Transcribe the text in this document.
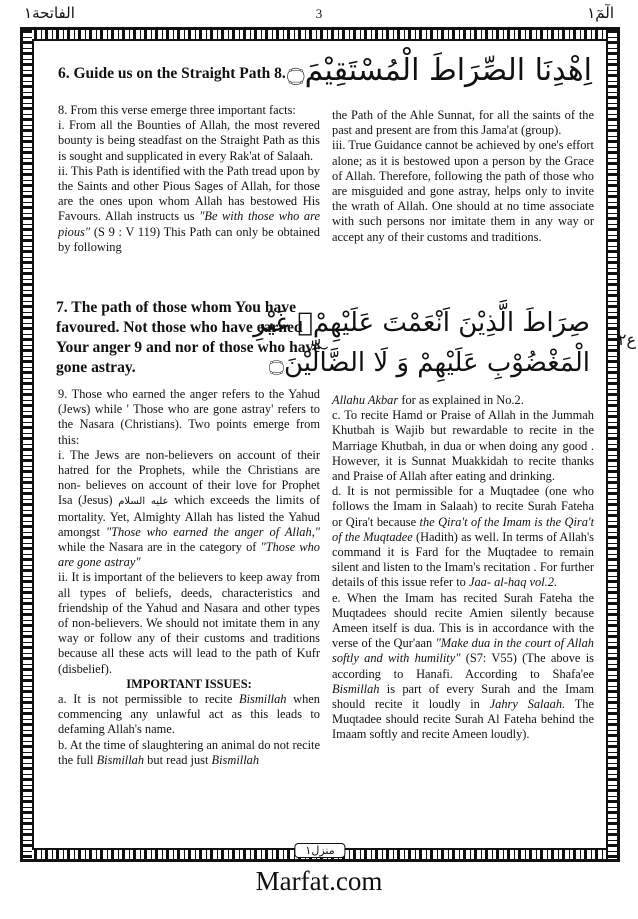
الفاتحة۱	3	الٓمٓ۱
منزل۱
ع۲
6. Guide us on the Straight Path 8. اِهْدِنَا الصِّرَاطَ الْمُسْتَقِيْمَ۝

8. From this verse emerge three important facts:

i. From all the Bounties of Allah, the most revered bounty is being steadfast on the Straight Path as this is sought and supplicated in every Rak'at of Salaah.

ii. This Path is identified with the Path tread upon by the Saints and other Pious Sages of Allah, for those are the ones upon whom Allah has bestowed His Favours. Allah instructs us "Be with those who are pious" (S 9 : V 119) This Path can only be obtained by following

the Path of the Ahle Sunnat, for all the saints of the past and present are from this Jama'at (group).

iii. True Guidance cannot be achieved by one's effort alone; as it is bestowed upon a person by the Grace of Allah. Therefore, following the path of those who are misguided and gone astray, helps only to invite the wrath of Allah. One should at no time associate with such persons nor imitate them in any way or accept any of their customs and traditions.

7. The path of those whom You have favoured. Not those who have earned Your anger 9 and nor of those who have gone astray.
صِرَاطَ الَّذِيْنَ اَنْعَمْتَ عَلَيْهِمْ۬ غَيْرِ
الْمَغْضُوْبِ عَلَيْهِمْ وَ لَا الضَّآلِّيْنَ۝

9. Those who earned the anger refers to the Yahud (Jews) while ' Those who are gone astray' refers to the Nasara (Christians). Two points emerge from this:

i. The Jews are non-believers on account of their hatred for the Prophets, while the Christians are non- believes on account of their love for Prophet Isa (Jesus) عليه السلام which exceeds the limits of mortality. Yet, Almighty Allah has listed the Yahud amongst "Those who earned the anger of Allah," while the Nasara are in the category of "Those who are gone astray"

ii. It is important of the believers to keep away from all types of beliefs, deeds, characteristics and friendship of the Yahud and Nasara and other types of non-believers. We should not imitate them in any way or follow any of their customs and traditions because all these acts will lead to the path of Kufr (disbelief).

IMPORTANT ISSUES:

a. It is not permissible to recite Bismillah when commencing any unlawful act as this leads to defaming Allah's name.

b. At the time of slaughtering an animal do not recite the full Bismillah but read just Bismillah

Allahu Akbar for as explained in No.2.

c. To recite Hamd or Praise of Allah in the Jummah Khutbah is Wajib but rewardable to recite in the Marriage Khutbah, in dua or when doing any good . However, it is Sunnat Muakkidah to recite thanks and Praise of Allah after eating and drinking.

d. It is not permissible for a Muqtadee (one who follows the Imam in Salaah) to recite Surah Fateha or Qira't because the Qira't of the Imam is the Qira't of the Muqtadee (Hadith) as well. In terms of Allah's command it is Fard for the Muqtadee to remain silent and listen to the Imam's recitation . For further details of this issue refer to Jaa- al-haq vol.2.

e. When the Imam has recited Surah Fateha the Muqtadees should recite Amien silently because Ameen itself is dua. This is in accordance with the verse of the Qur'aan "Make dua in the court of Allah softly and with humility" (S7: V55) (The above is according to Hanafi. According to Shafa'ee Bismillah is part of every Surah and the Imam should recite it loudly in Jahry Salaah. The Muqtadee should recite Surah Al Fateha behind the Imaam softly and recite Ameen loudly).

Marfat.com
